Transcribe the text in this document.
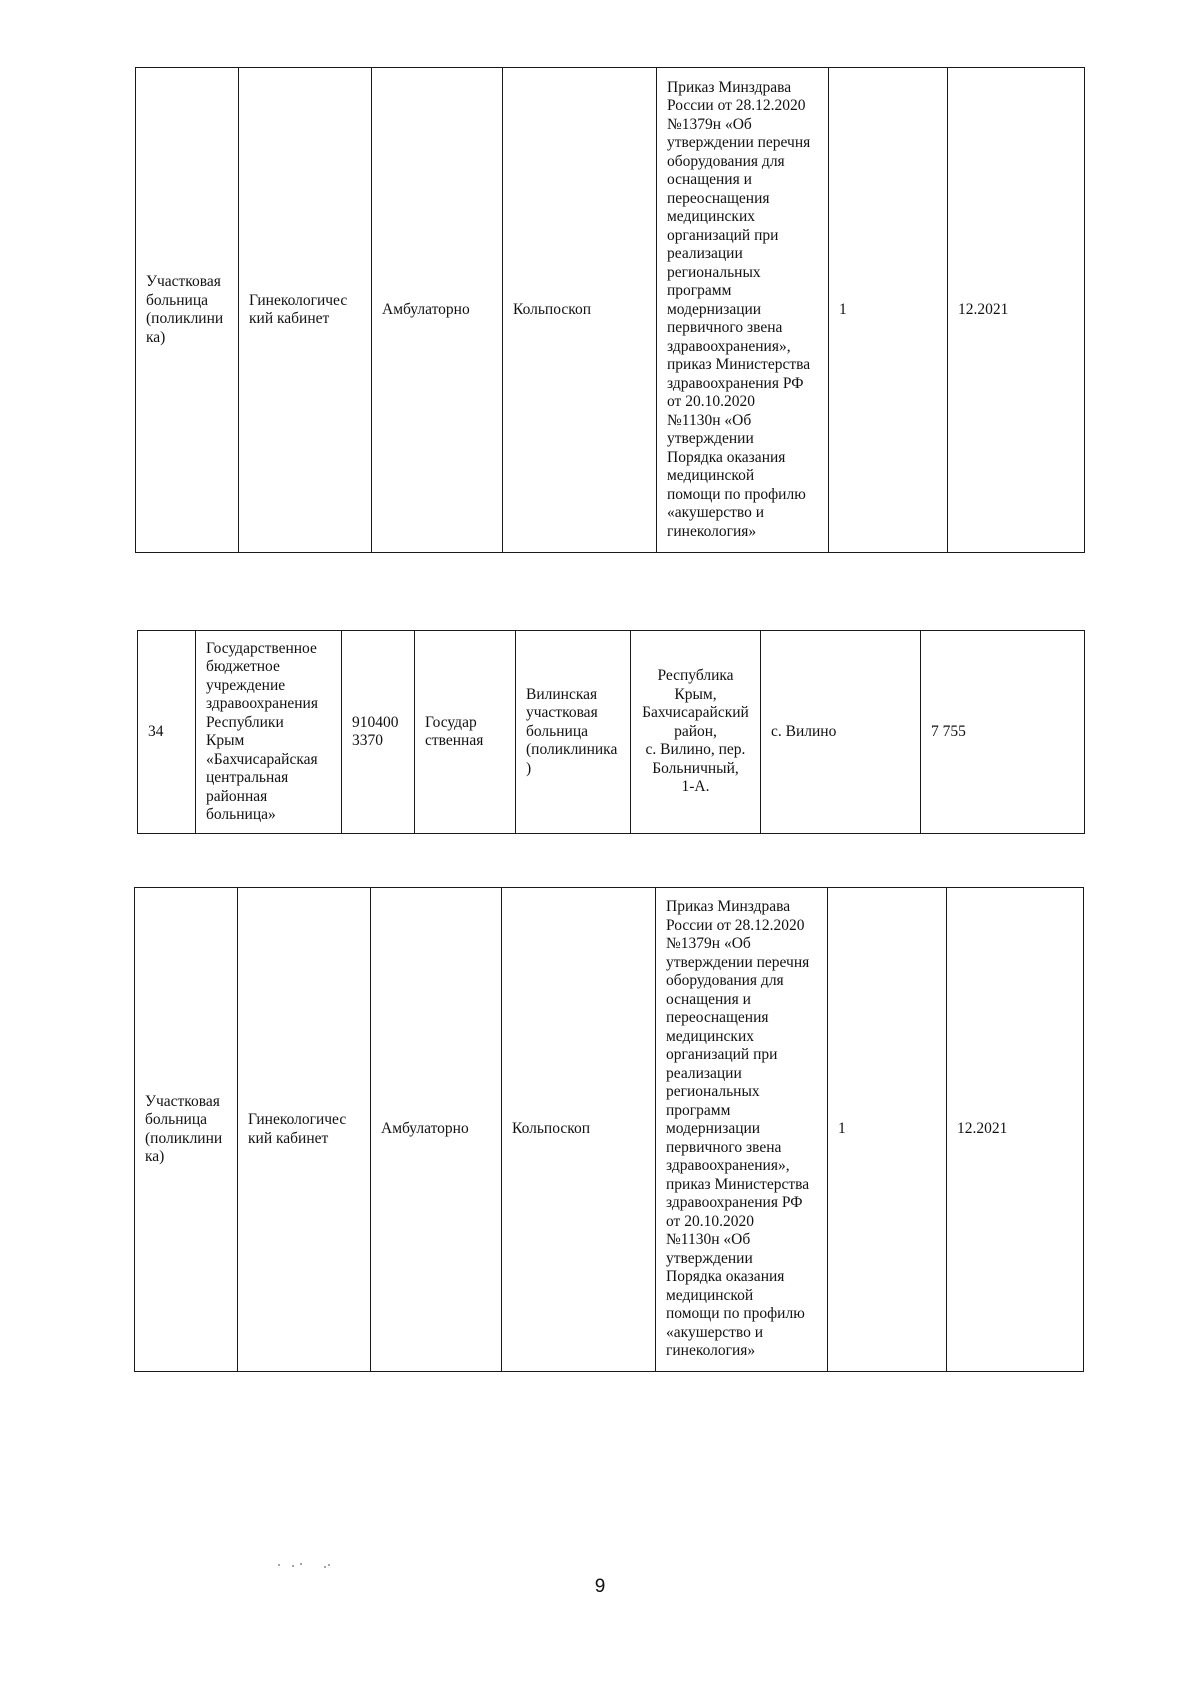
Участковая
больница
(поликлини
ка)	Гинекологичес
кий кабинет	Амбулаторно	Кольпоскоп	Приказ Минздрава
России от 28.12.2020
№1379н «Об
утверждении перечня
оборудования для
оснащения и
переоснащения
медицинских
организаций при
реализации
региональных
программ
модернизации
первичного звена
здравоохранения»,
приказ Министерства
здравоохранения РФ
от 20.10.2020
№1130н «Об
утверждении
Порядка оказания
медицинской
помощи по профилю
«акушерство и
гинекология»	1	12.2021
34	Государственное
бюджетное
учреждение
здравоохранения
Республики
Крым
«Бахчисарайская
центральная
районная
больница»	910400
3370	Государ
ственная	Вилинская
участковая
больница
(поликлиника)	Республика
Крым,
Бахчисарайский
район,
с. Вилино, пер.
Больничный,
1-А.	с. Вилино	7 755
Участковая
больница
(поликлини
ка)	Гинекологичес
кий кабинет	Амбулаторно	Кольпоскоп	Приказ Минздрава
России от 28.12.2020
№1379н «Об
утверждении перечня
оборудования для
оснащения и
переоснащения
медицинских
организаций при
реализации
региональных
программ
модернизации
первичного звена
здравоохранения»,
приказ Министерства
здравоохранения РФ
от 20.10.2020
№1130н «Об
утверждении
Порядка оказания
медицинской
помощи по профилю
«акушерство и
гинекология»	1	12.2021
9
